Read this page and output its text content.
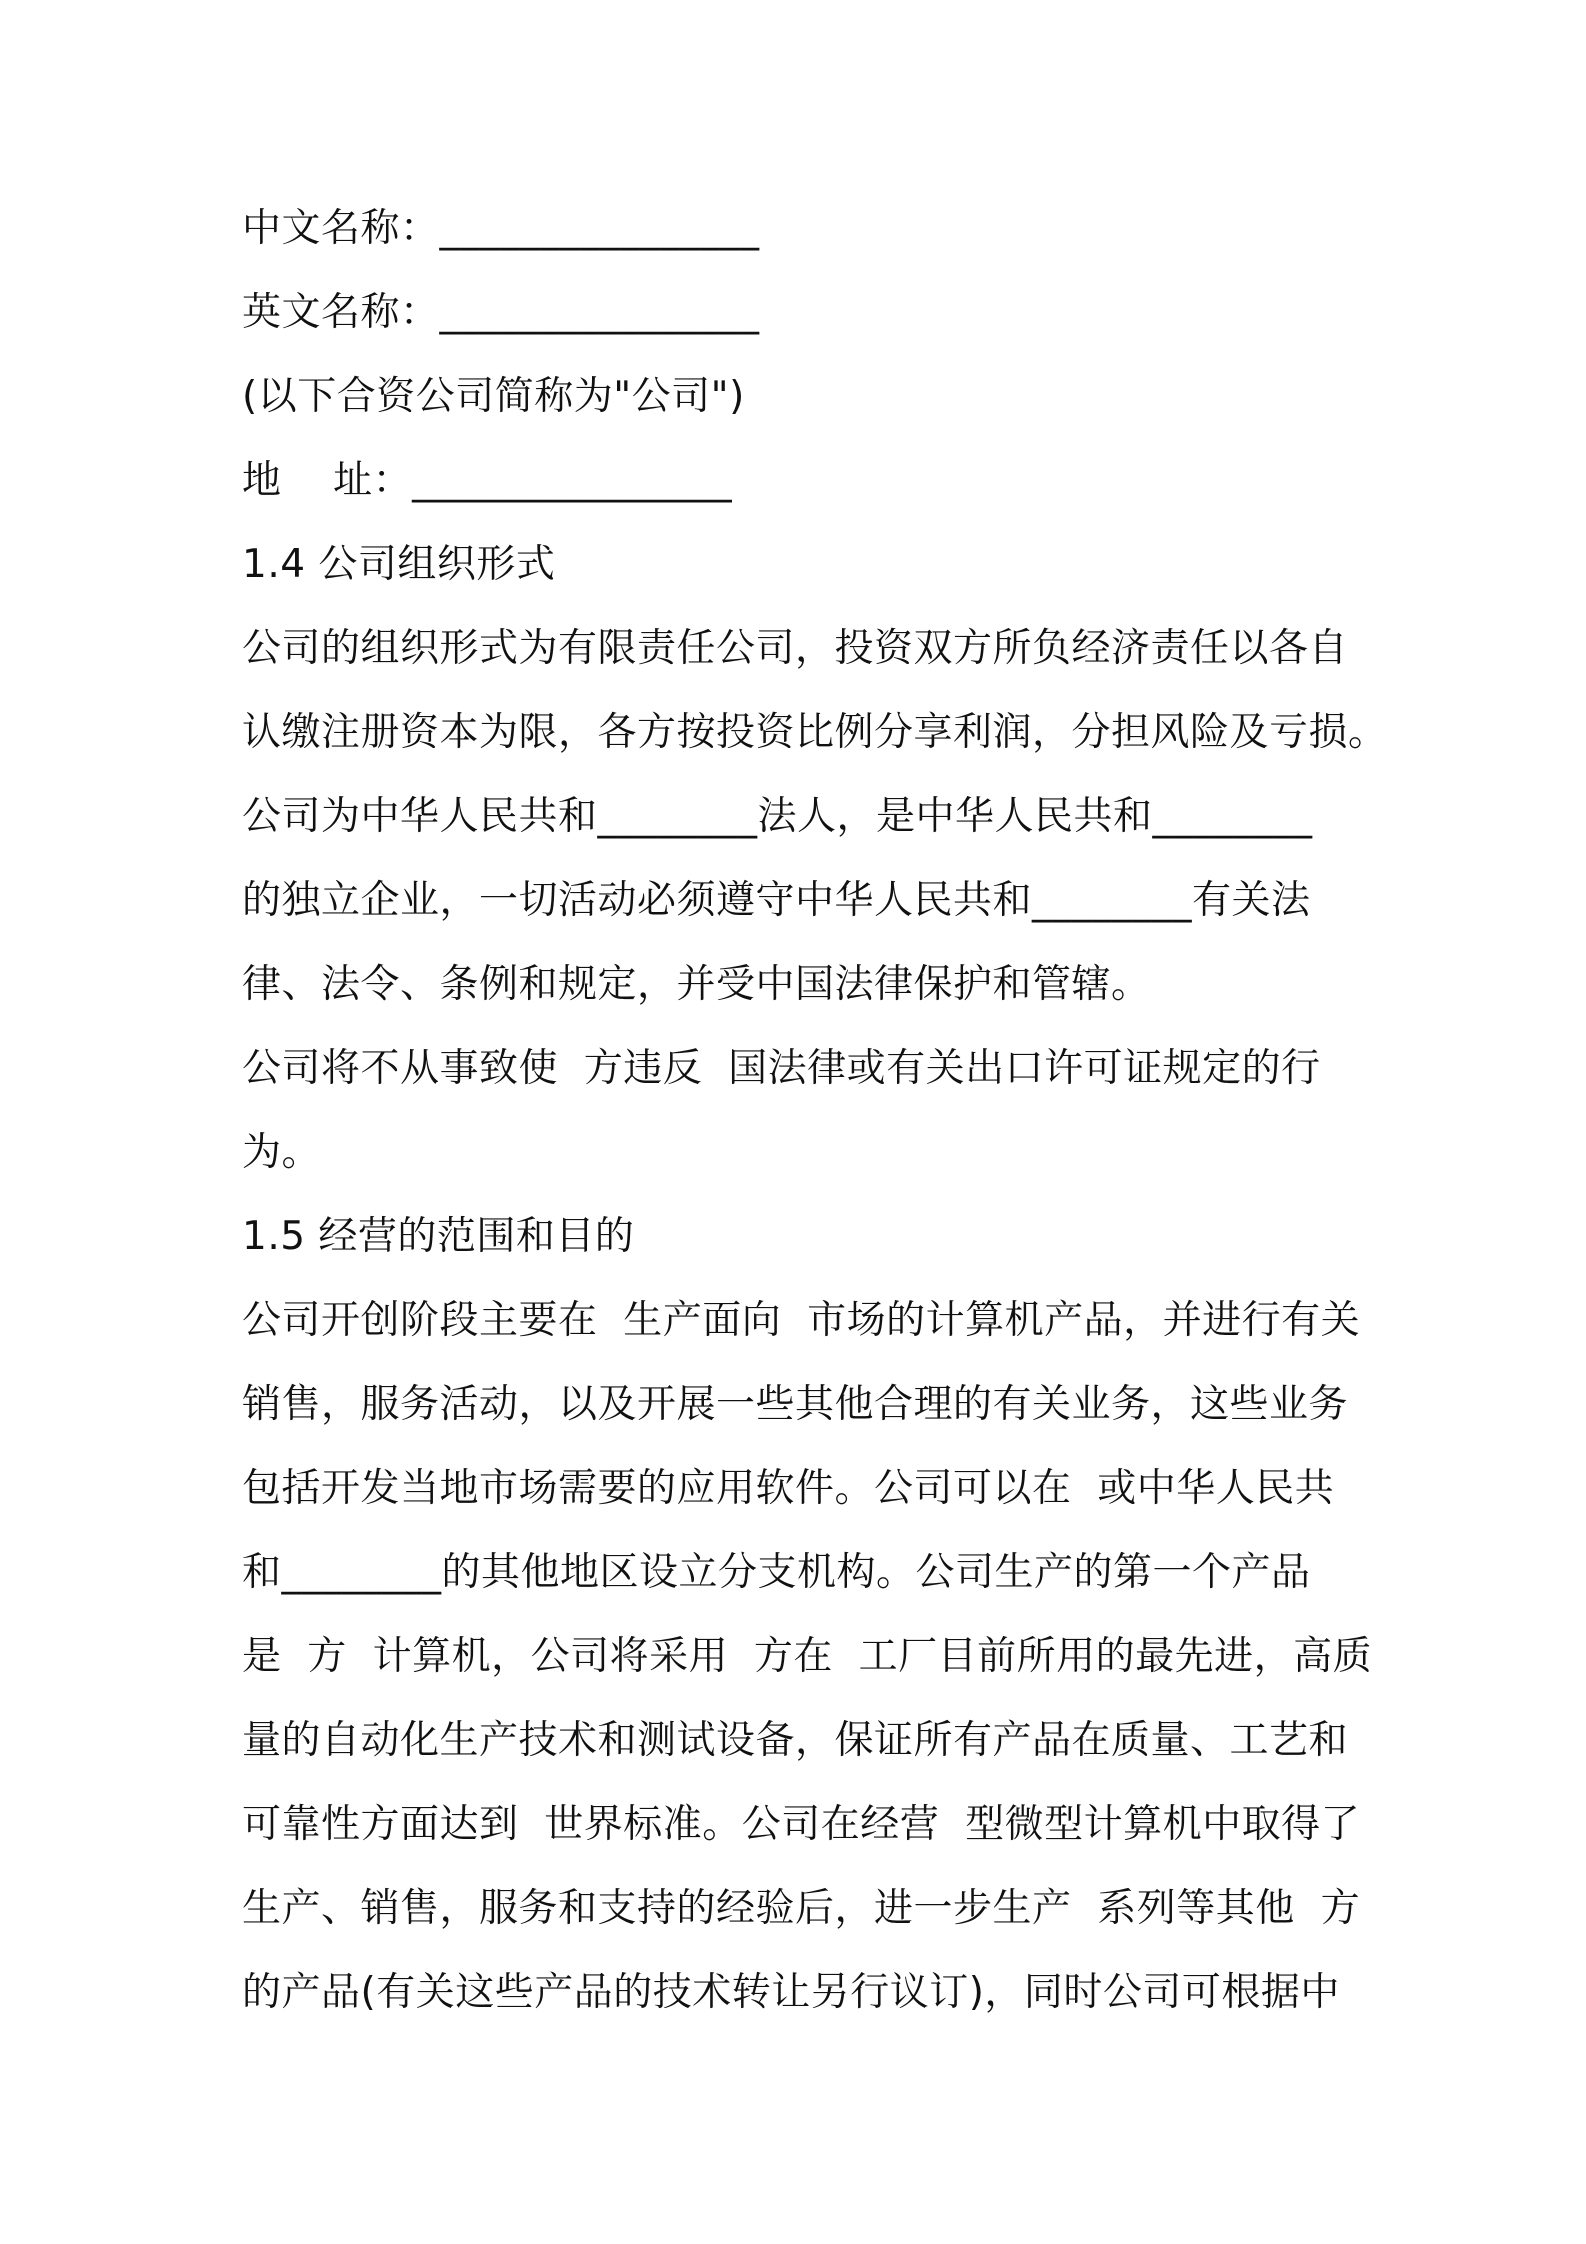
中文名称：________________
英文名称：________________
(以下合资公司简称为"公司")
地    址：________________
1.4 公司组织形式
公司的组织形式为有限责任公司，投资双方所负经济责任以各自
认缴注册资本为限，各方按投资比例分享利润，分担风险及亏损。
公司为中华人民共和________法人，是中华人民共和________
的独立企业，一切活动必须遵守中华人民共和________有关法
律、法令、条例和规定，并受中国法律保护和管辖。
公司将不从事致使  方违反  国法律或有关出口许可证规定的行
为。
1.5 经营的范围和目的
公司开创阶段主要在  生产面向  市场的计算机产品，并进行有关
销售，服务活动，以及开展一些其他合理的有关业务，这些业务
包括开发当地市场需要的应用软件。公司可以在  或中华人民共
和________的其他地区设立分支机构。公司生产的第一个产品
是  方  计算机，公司将采用  方在  工厂目前所用的最先进，高质
量的自动化生产技术和测试设备，保证所有产品在质量、工艺和
可靠性方面达到  世界标准。公司在经营  型微型计算机中取得了
生产、销售，服务和支持的经验后，进一步生产  系列等其他  方
的产品(有关这些产品的技术转让另行议订)，同时公司可根据中
